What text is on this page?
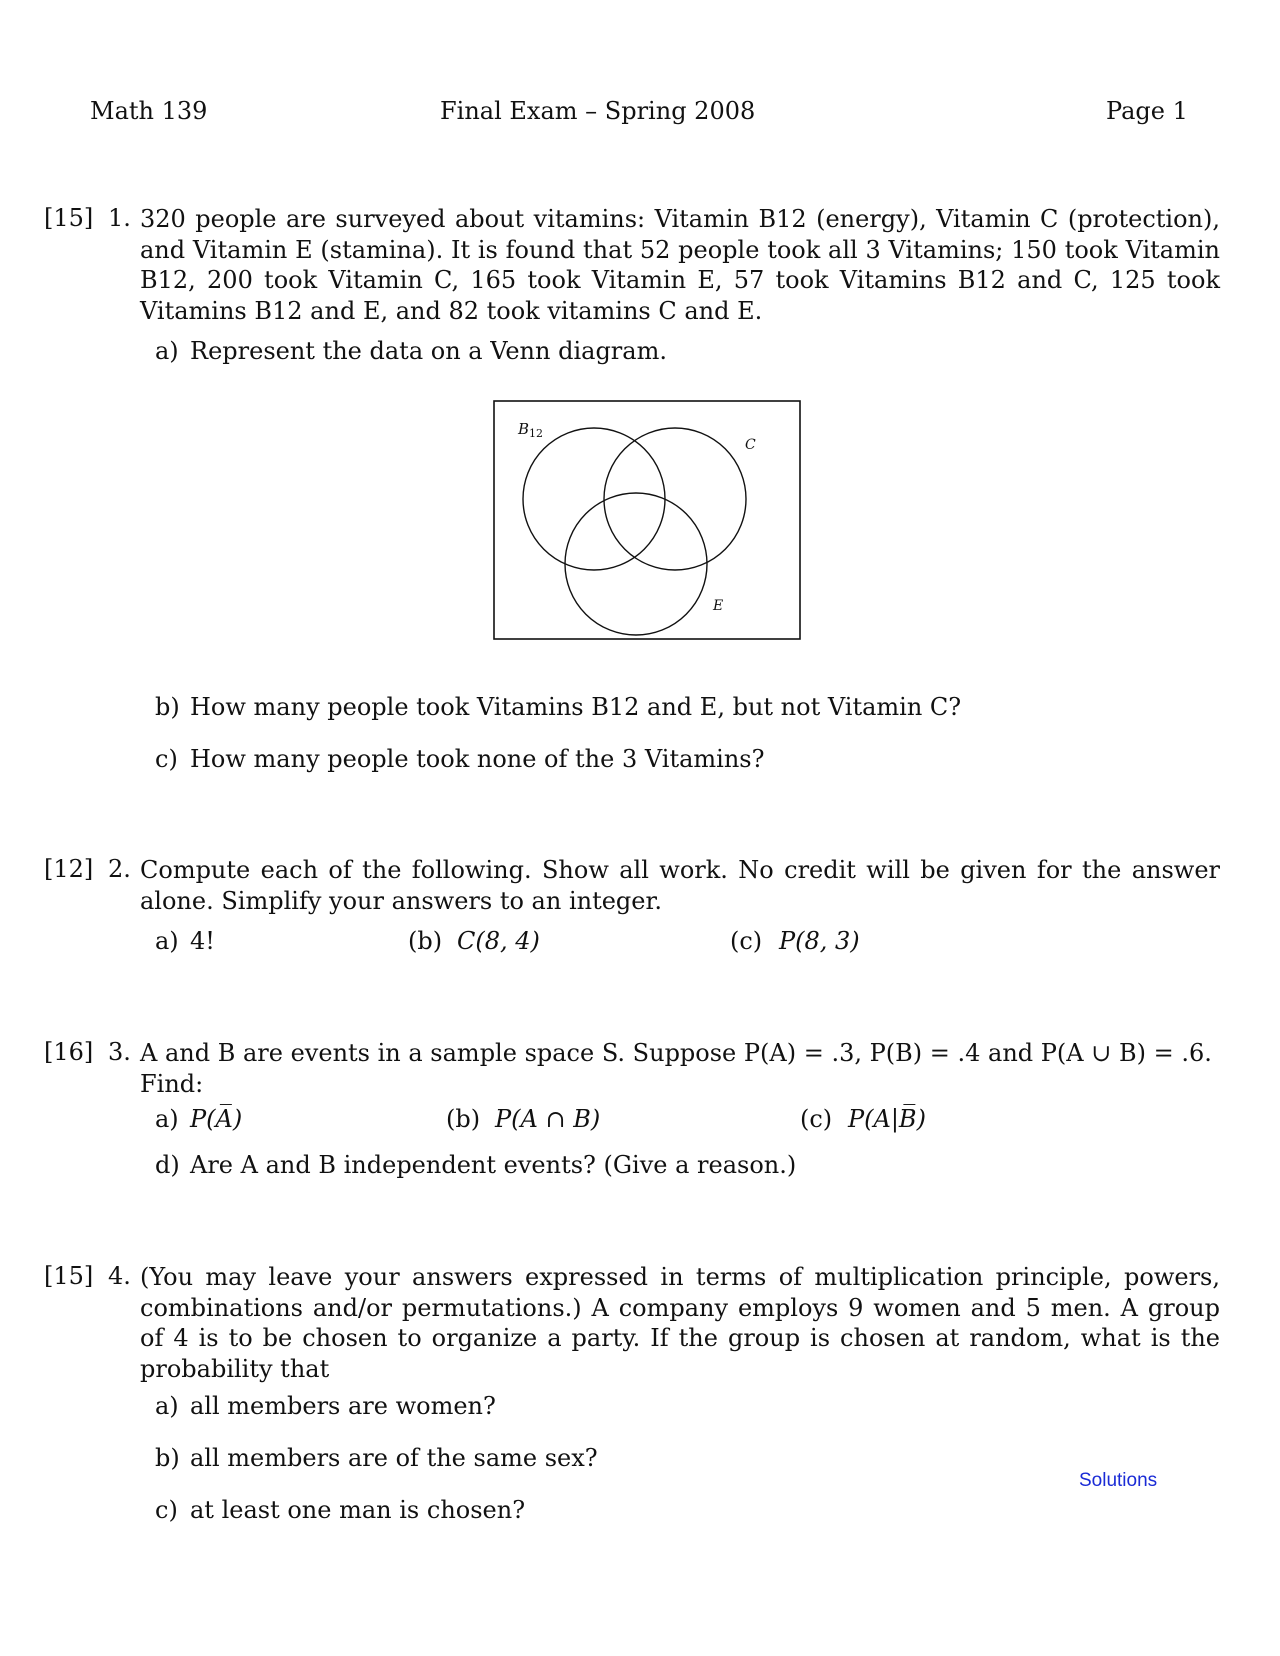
Math 139	Final Exam – Spring 2008	Page 1
[15] 1. 320 people are surveyed about vitamins: Vitamin B12 (energy), Vitamin C (protection), and Vitamin E (stamina). It is found that 52 people took all 3 Vitamins; 150 took Vitamin B12, 200 took Vitamin C, 165 took Vitamin E, 57 took Vitamins B12 and C, 125 took Vitamins B12 and E, and 82 took vitamins C and E.
a) Represent the data on a Venn diagram.
$B_{12}$
C
E
b) How many people took Vitamins B12 and E, but not Vitamin C?
c) How many people took none of the 3 Vitamins?
[12] 2. Compute each of the following. Show all work. No credit will be given for the answer alone. Simplify your answers to an integer.
a) 4!	(b) C(8, 4)	(c) P(8, 3)
[16] 3. A and B are events in a sample space S. Suppose P(A) = .3, P(B) = .4 and P(A ∪ B) = .6. Find:
a) P(A̅)	(b) P(A ∩ B)	(c) P(A|B̅)
d) Are A and B independent events? (Give a reason.)
[15] 4. (You may leave your answers expressed in terms of multiplication principle, powers, combinations and/or permutations.) A company employs 9 women and 5 men. A group of 4 is to be chosen to organize a party. If the group is chosen at random, what is the probability that
a) all members are women?
b) all members are of the same sex?
c) at least one man is chosen?
Solutions
